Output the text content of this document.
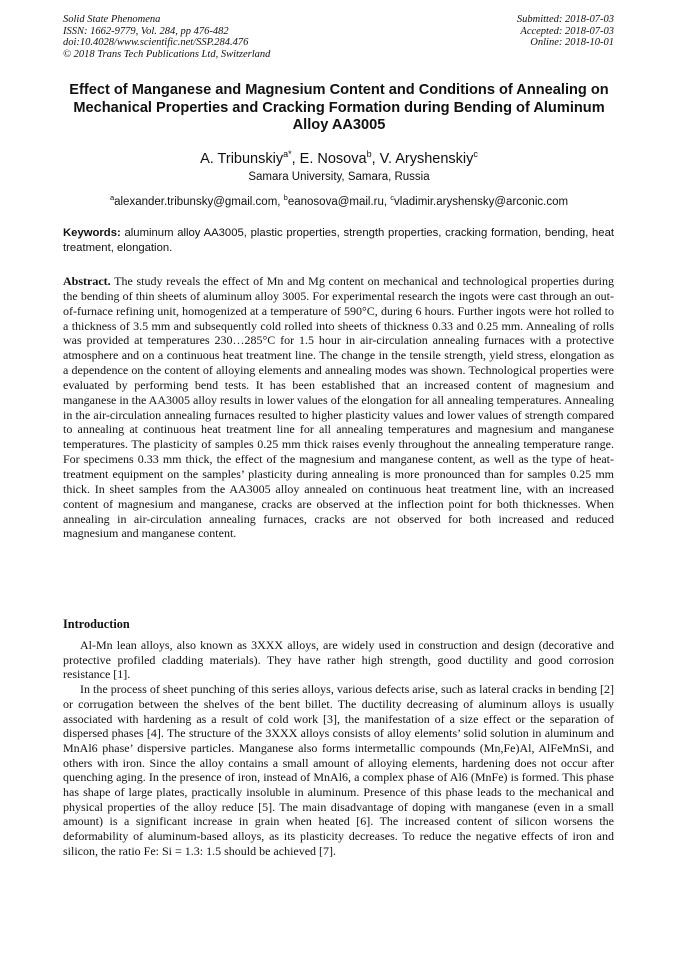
Solid State Phenomena
ISSN: 1662-9779, Vol. 284, pp 476-482
doi:10.4028/www.scientific.net/SSP.284.476
© 2018 Trans Tech Publications Ltd, Switzerland
Submitted: 2018-07-03
Accepted: 2018-07-03
Online: 2018-10-01
Effect of Manganese and Magnesium Content and Conditions of Annealing on Mechanical Properties and Cracking Formation during Bending of Aluminum Alloy AA3005
A. Tribunskiy$^{a*}$, E. Nosova$^b$, V. Aryshenskiy$^c$
Samara University, Samara, Russia
$^a$alexander.tribunsky@gmail.com, $^b$eanosova@mail.ru, $^c$vladimir.aryshensky@arconic.com
Keywords: aluminum alloy AA3005, plastic properties, strength properties, cracking formation, bending, heat treatment, elongation.
Abstract. The study reveals the effect of Mn and Mg content on mechanical and technological properties during the bending of thin sheets of aluminum alloy 3005. For experimental research the ingots were cast through an out-of-furnace refining unit, homogenized at a temperature of 590°C, during 6 hours. Further ingots were hot rolled to a thickness of 3.5 mm and subsequently cold rolled into sheets of thickness 0.33 and 0.25 mm. Annealing of rolls was provided at temperatures 230…285°C for 1.5 hour in air-circulation annealing furnaces with a protective atmosphere and on a continuous heat treatment line. The change in the tensile strength, yield stress, elongation as a dependence on the content of alloying elements and annealing modes was shown. Technological properties were evaluated by performing bend tests. It has been established that an increased content of magnesium and manganese in the AA3005 alloy results in lower values of the elongation for all annealing temperatures. Annealing in the air-circulation annealing furnaces resulted to higher plasticity values and lower values of strength compared to annealing at continuous heat treatment line for all annealing temperatures and magnesium and manganese temperatures. The plasticity of samples 0.25 mm thick raises evenly throughout the annealing temperature range. For specimens 0.33 mm thick, the effect of the magnesium and manganese content, as well as the type of heat-treatment equipment on the samples’ plasticity during annealing is more pronounced than for samples 0.25 mm thick. In sheet samples from the AA3005 alloy annealed on continuous heat treatment line, with an increased content of magnesium and manganese, cracks are observed at the inflection point for both thicknesses. When annealing in air-circulation annealing furnaces, cracks are not observed for both increased and reduced magnesium and manganese content.
Introduction

Al-Mn lean alloys, also known as 3XXX alloys, are widely used in construction and design (decorative and protective profiled cladding materials). They have rather high strength, good ductility and good corrosion resistance [1].

In the process of sheet punching of this series alloys, various defects arise, such as lateral cracks in bending [2] or corrugation between the shelves of the bent billet. The ductility decreasing of aluminum alloys is usually associated with hardening as a result of cold work [3], the manifestation of a size effect or the separation of dispersed phases [4]. The structure of the 3XXX alloys consists of alloy elements’ solid solution in aluminum and MnAl6 phase’ dispersive particles. Manganese also forms intermetallic compounds (Mn,Fe)Al, AlFeMnSi, and others with iron. Since the alloy contains a small amount of alloying elements, hardening does not occur after quenching aging. In the presence of iron, instead of MnAl6, a complex phase of Al6 (MnFe) is formed. This phase has shape of large plates, practically insoluble in aluminum. Presence of this phase leads to the mechanical and physical properties of the alloy reduce [5]. The main disadvantage of doping with manganese (even in a small amount) is a significant increase in grain when heated [6]. The increased content of silicon worsens the deformability of aluminum-based alloys, as its plasticity decreases. To reduce the negative effects of iron and silicon, the ratio Fe: Si = 1.3: 1.5 should be achieved [7].
